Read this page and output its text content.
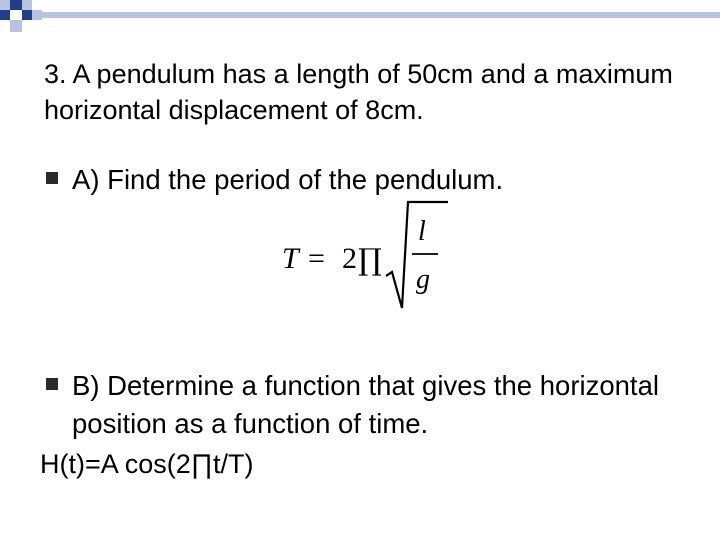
3. A pendulum has a length of 50cm and a maximum horizontal displacement of 8cm.
A) Find the period of the pendulum.
T = 2 ∏
l
g
B) Determine a function that gives the horizontal position as a function of time.
H(t)=A cos(2∏t/T)
